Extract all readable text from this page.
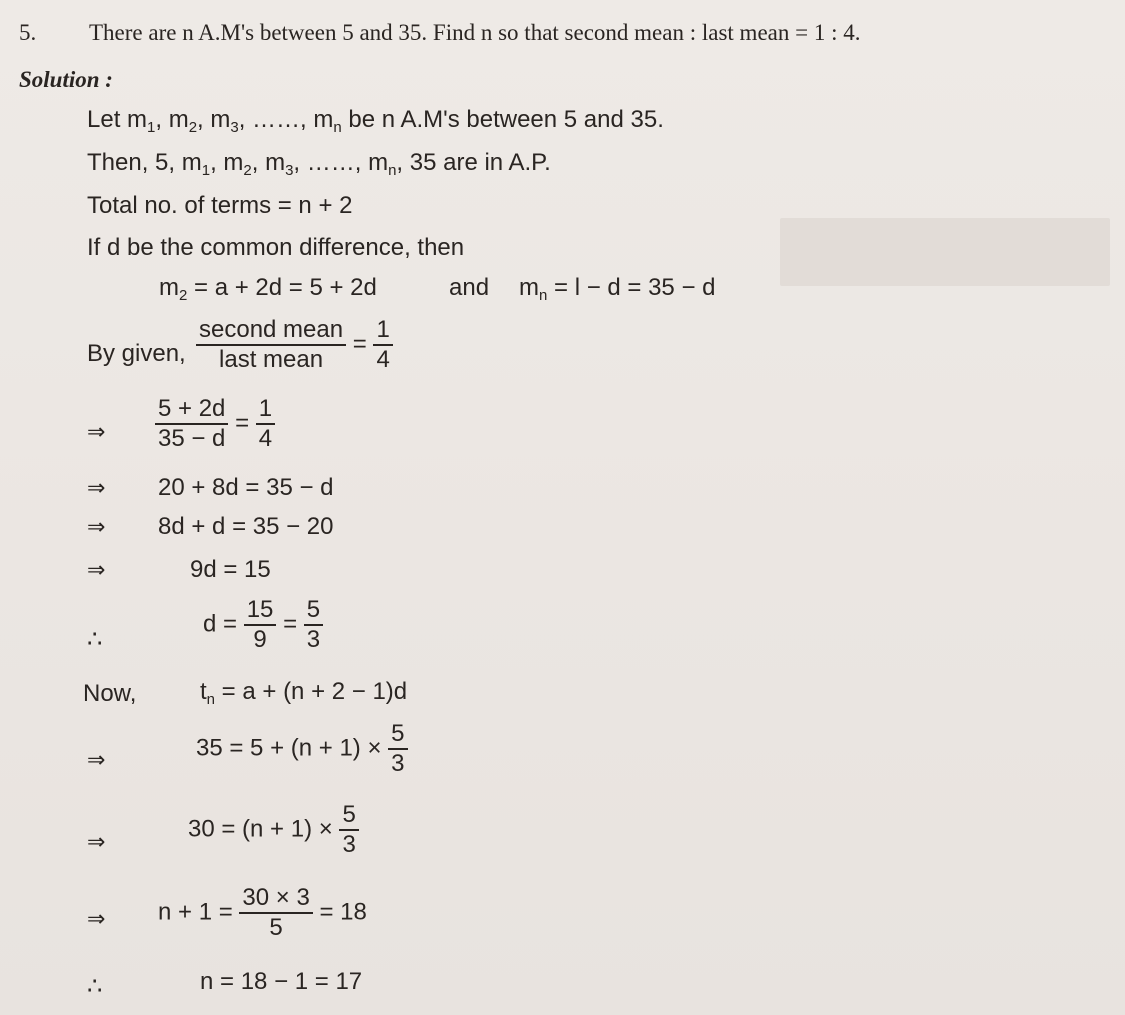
5. There are n A.M's between 5 and 35. Find n so that second mean : last mean = 1 : 4.
Solution :
Let $m_1$, $m_2$, $m_3$, ……, $m_n$ be n A.M's between 5 and 35.
Then, 5, $m_1$, $m_2$, $m_3$, ……, $m_n$, 35 are in A.P.
Total no. of terms = n + 2
If d be the common difference, then
$m_2 = a + 2d = 5 + 2d$	and $m_n = l - d = 35 - d$
By given, $\frac{\text{second mean}}{\text{last mean}} = \frac{1}{4}$
⇒ $\frac{5 + 2d}{35 - d} = \frac{1}{4}$
⇒ 20 + 8d = 35 − d
⇒ 8d + d = 35 − 20
⇒	9d = 15
∴
$d = \frac{15}{9} = \frac{5}{3}$
Now,	$t_n = a + (n + 2 - 1)d$
⇒	$35 = 5 + (n + 1) \times \frac{5}{3}$
⇒
$30 = (n + 1) \times \frac{5}{3}$
⇒ $n + 1 = \frac{30 \times 3}{5} = 18$
∴	n = 18 − 1 = 17
